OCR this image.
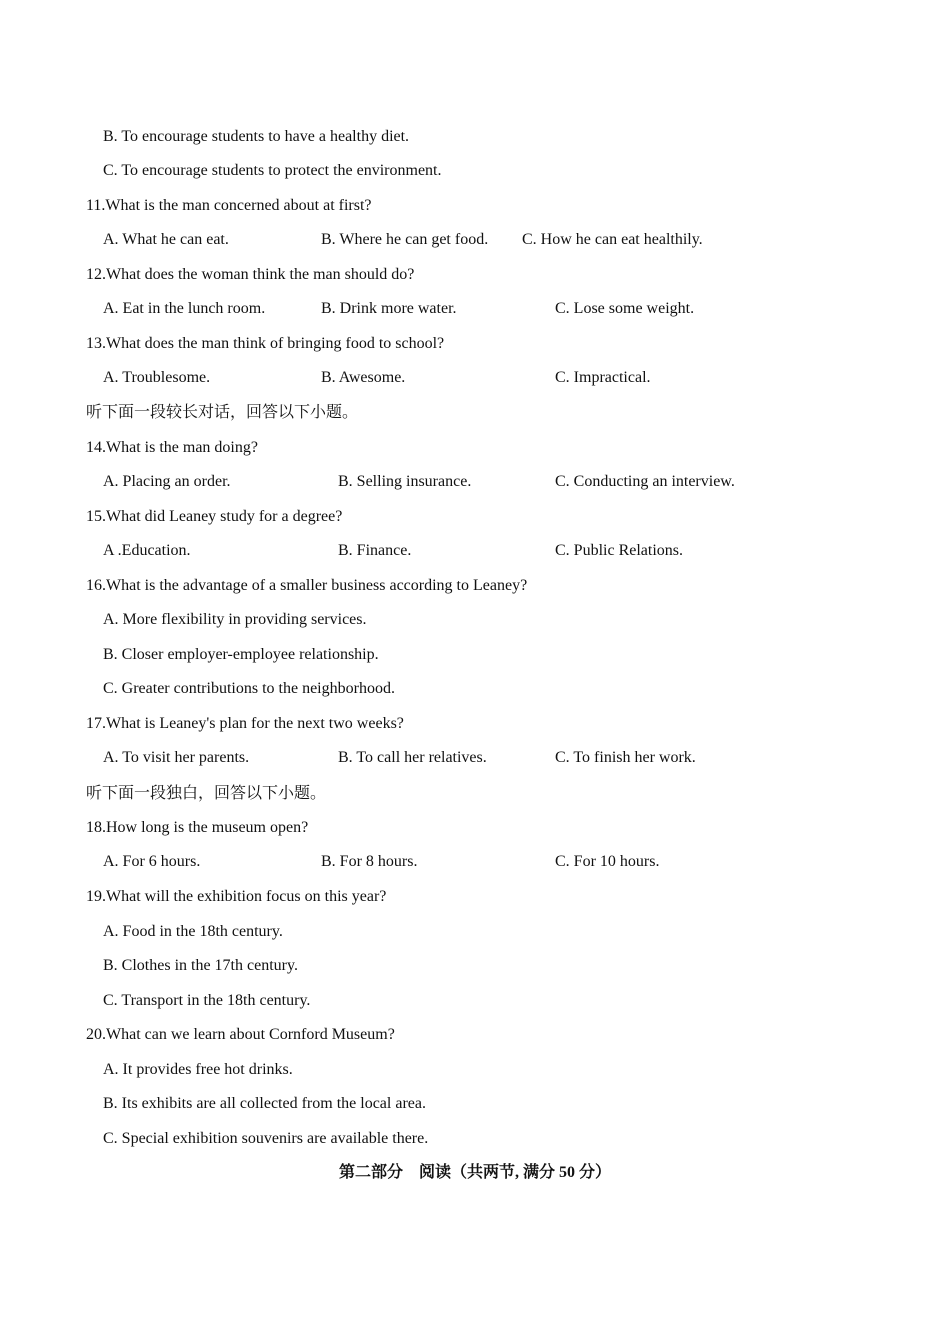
B. To encourage students to have a healthy diet.
C. To encourage students to protect the environment.
11.What is the man concerned about at first?
A. What he can eat.	B. Where he can get food. C. How he can eat healthily.
12.What does the woman think the man should do?
A. Eat in the lunch room.	B. Drink more water.	C. Lose some weight.
13.What does the man think of bringing food to school?
A. Troublesome.	B. Awesome.	C. Impractical.
听下面一段较长对话，回答以下小题。
14.What is the man doing?
A. Placing an order.	B. Selling insurance.	C. Conducting an interview.
15.What did Leaney study for a degree?
A .Education.	B. Finance.	C. Public Relations.
16.What is the advantage of a smaller business according to Leaney?
A. More flexibility in providing services.
B. Closer employer-employee relationship.
C. Greater contributions to the neighborhood.
17.What is Leaney's plan for the next two weeks?
A. To visit her parents.	B. To call her relatives.	C. To finish her work.
听下面一段独白，回答以下小题。
18.How long is the museum open?
A. For 6 hours.	B. For 8 hours.	C. For 10 hours.
19.What will the exhibition focus on this year?
A. Food in the 18th century.
B. Clothes in the 17th century.
C. Transport in the 18th century.
20.What can we learn about Cornford Museum?
A. It provides free hot drinks.
B. Its exhibits are all collected from the local area.
C. Special exhibition souvenirs are available there.
第二部分　阅读（共两节, 满分 50 分）
